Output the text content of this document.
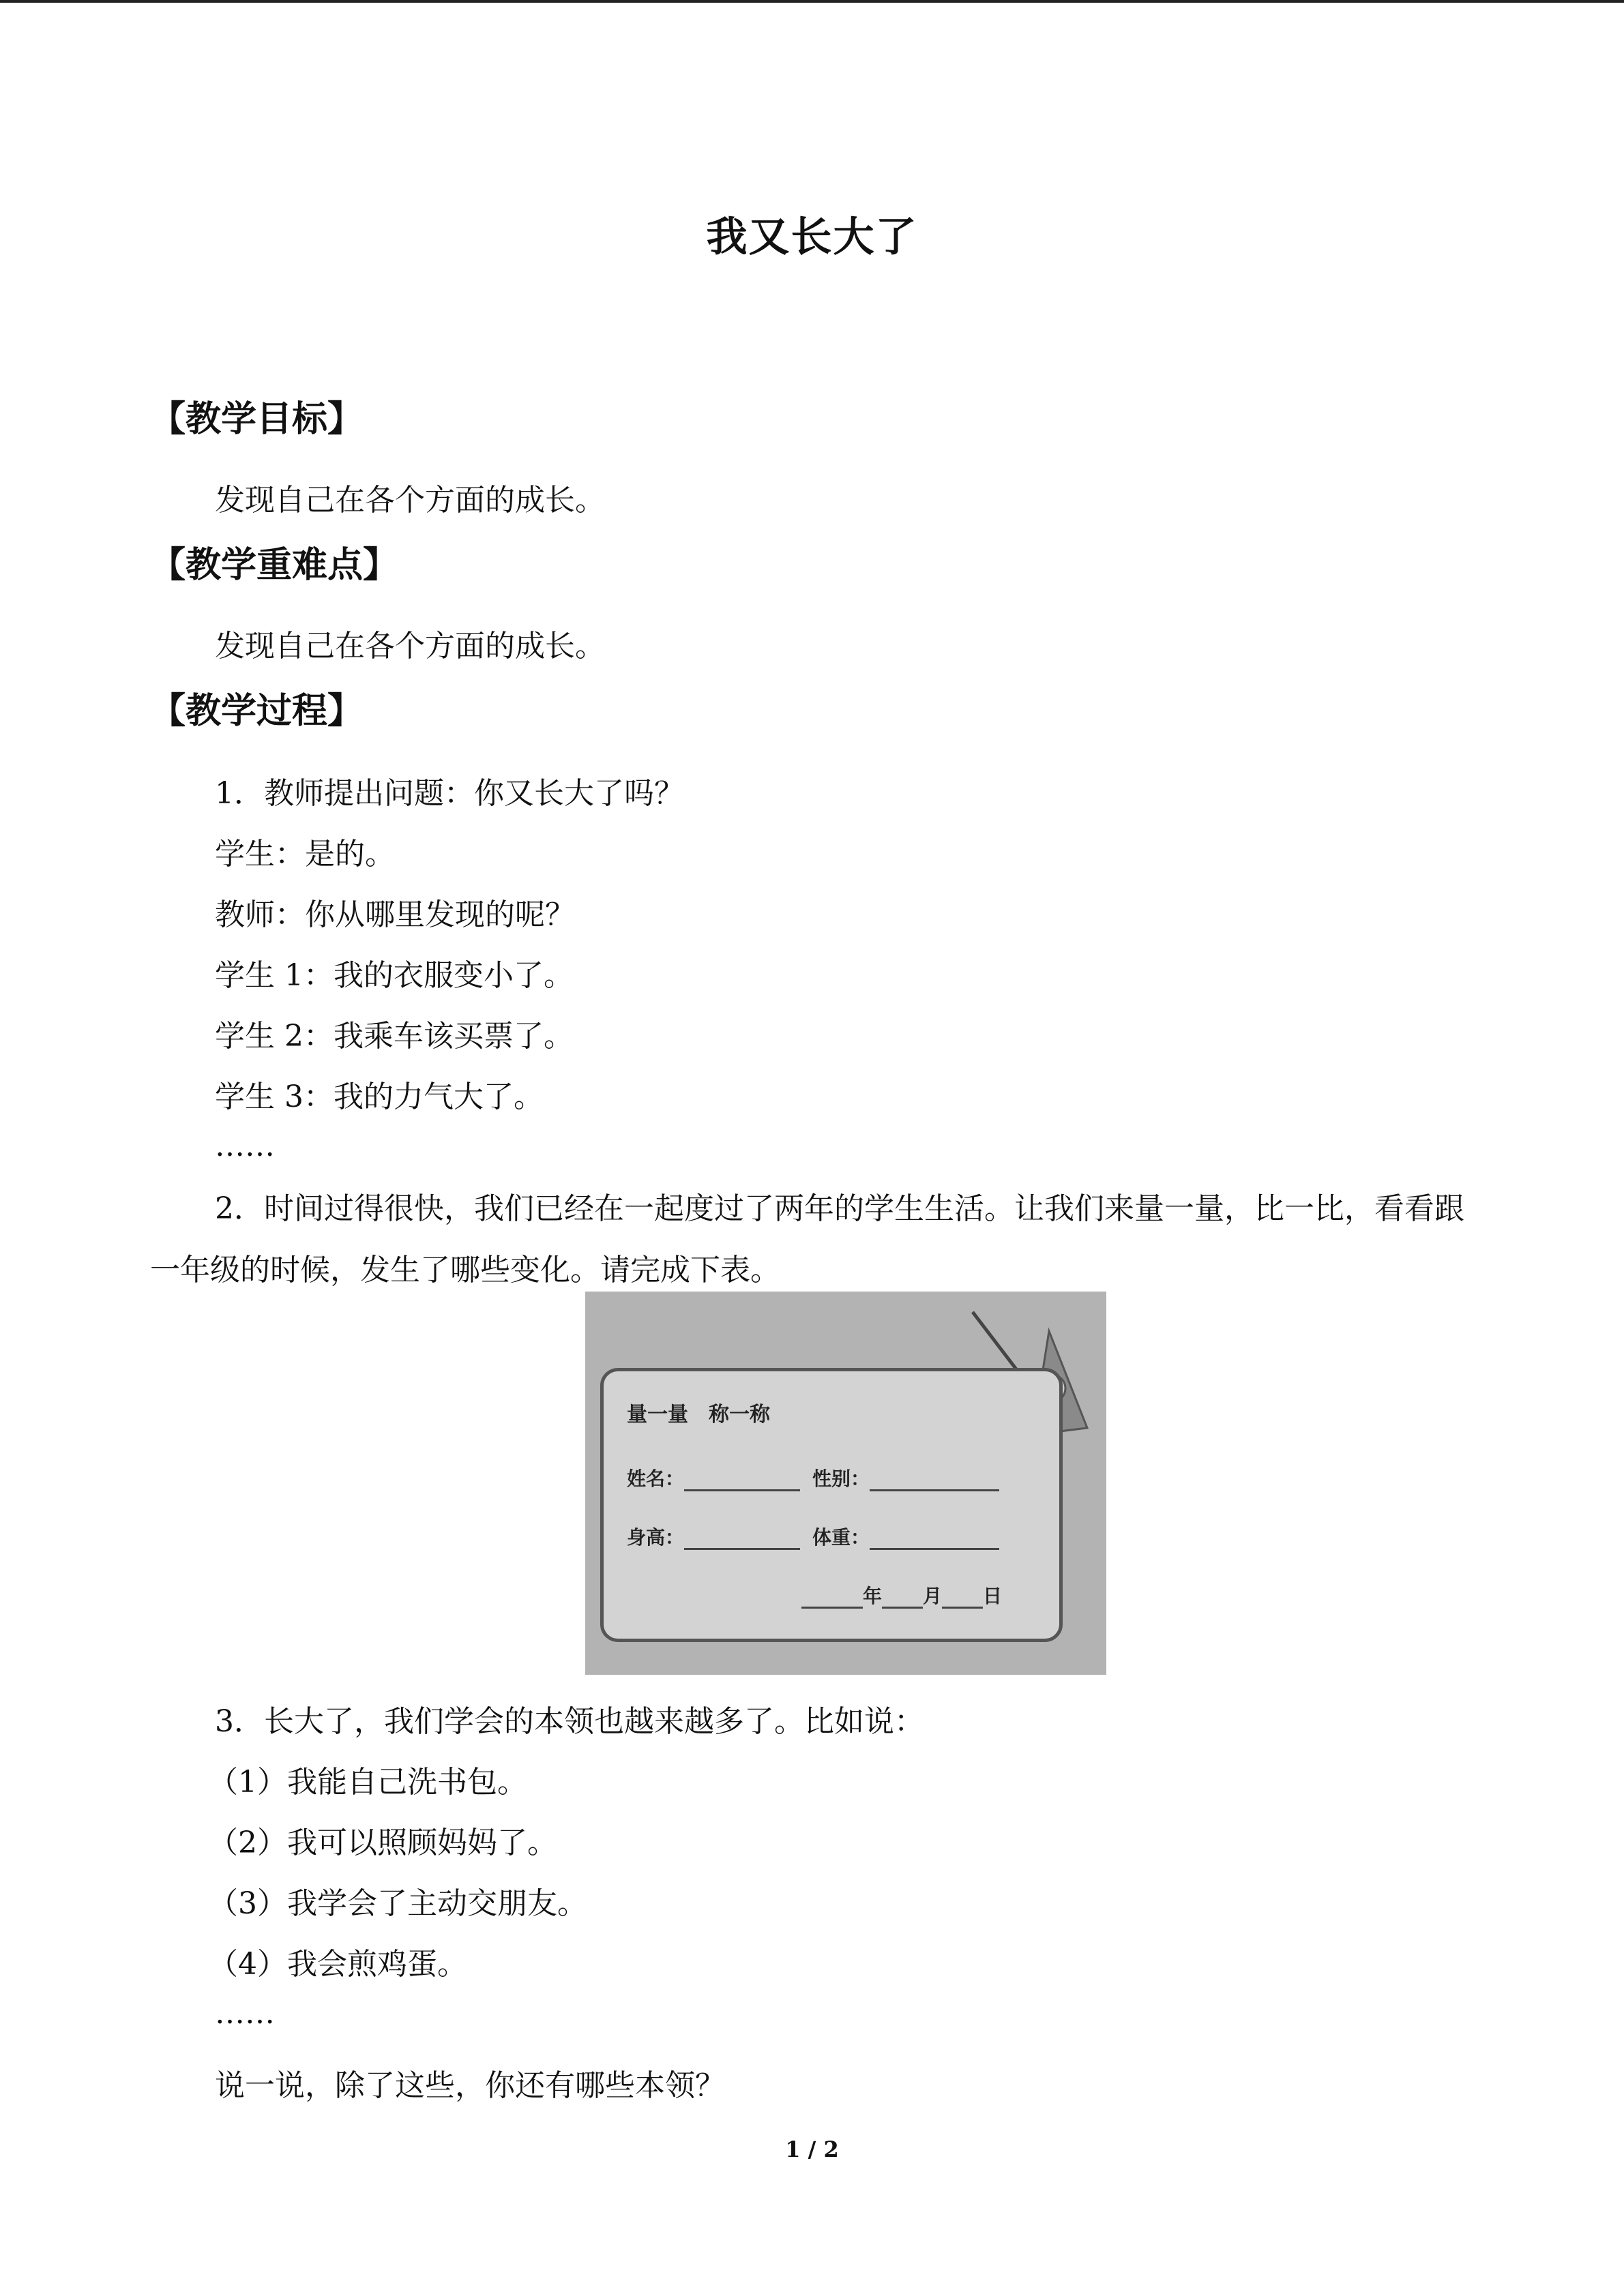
我又长大了
【教学目标】
发现自己在各个方面的成长。
【教学重难点】
发现自己在各个方面的成长。
【教学过程】
1．教师提出问题：你又长大了吗？
学生：是的。
教师：你从哪里发现的呢？
学生 1：我的衣服变小了。
学生 2：我乘车该买票了。
学生 3：我的力气大了。
……
2．时间过得很快，我们已经在一起度过了两年的学生生活。让我们来量一量，比一比，看看跟一年级的时候，发生了哪些变化。请完成下表。
量一量　称一称
姓名：	性别：
身高：	体重：
年 月 日
3．长大了，我们学会的本领也越来越多了。比如说：
（1）我能自己洗书包。
（2）我可以照顾妈妈了。
（3）我学会了主动交朋友。
（4）我会煎鸡蛋。
……
说一说，除了这些，你还有哪些本领？
1 / 2
